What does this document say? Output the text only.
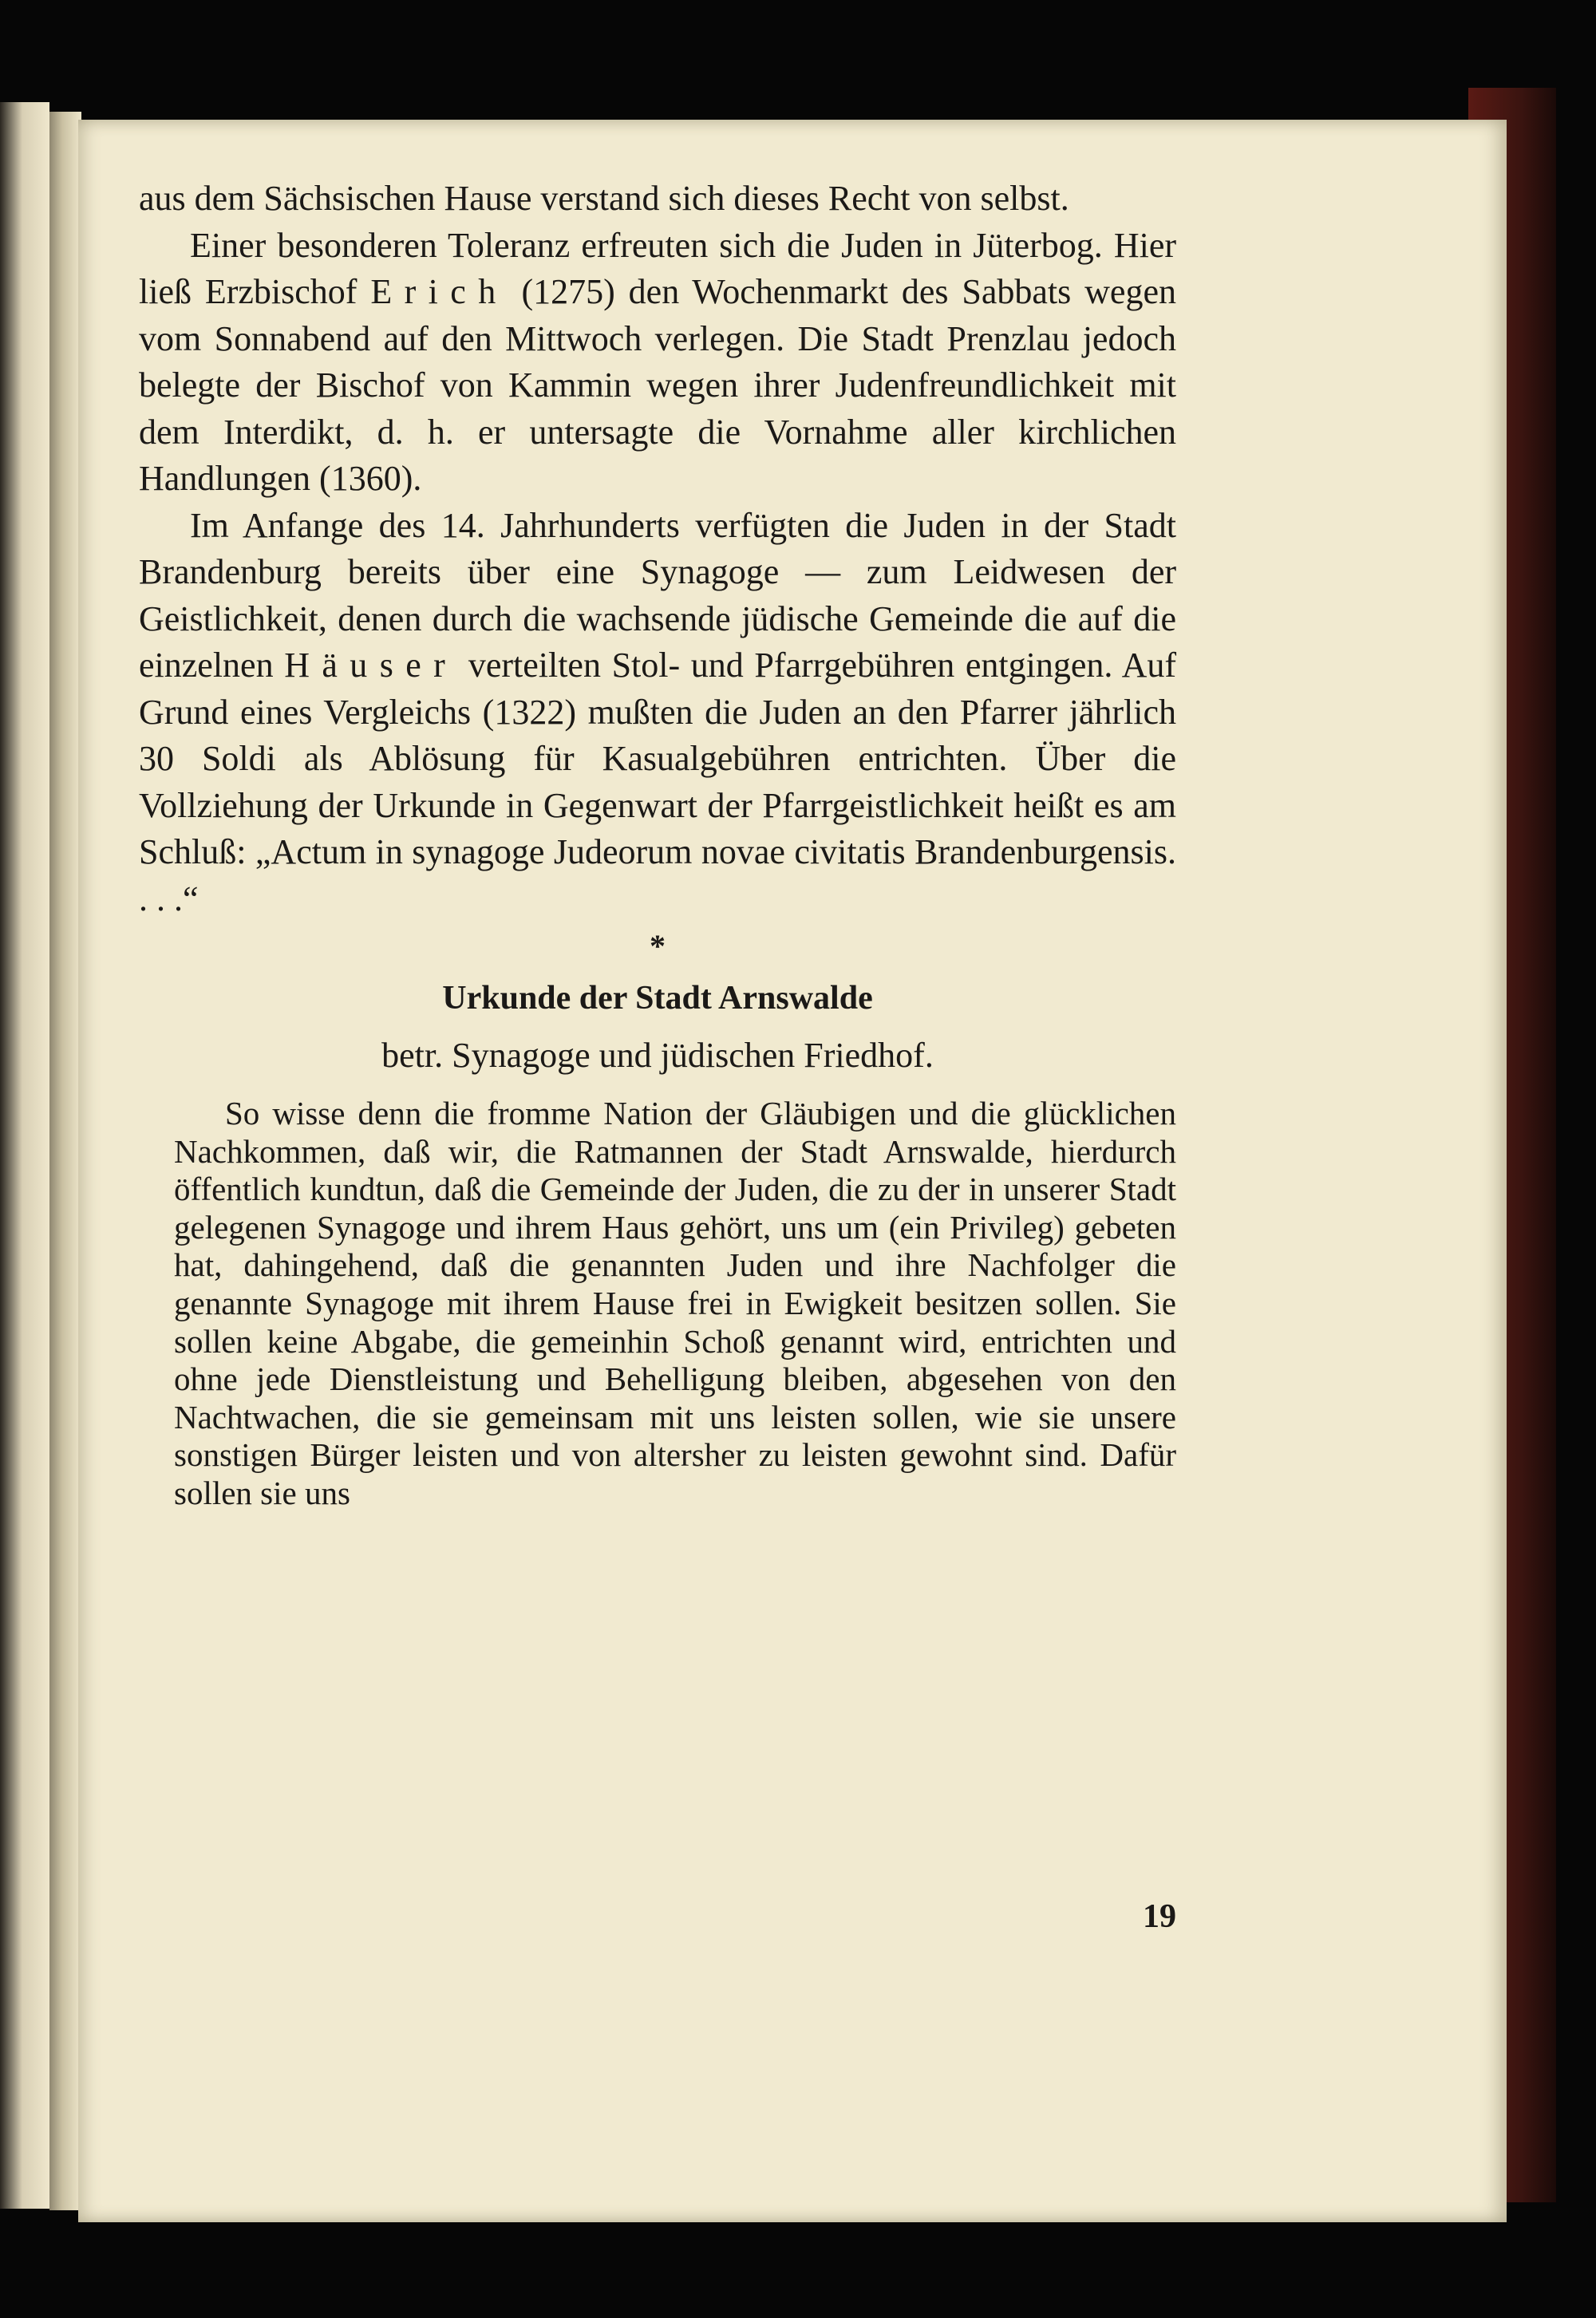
aus dem Sächsischen Hause verstand sich dieses Recht von selbst.
Einer besonderen Toleranz erfreuten sich die Juden in Jüterbog. Hier ließ Erzbischof Erich (1275) den Wochenmarkt des Sabbats wegen vom Sonnabend auf den Mittwoch verlegen. Die Stadt Prenzlau jedoch belegte der Bischof von Kammin wegen ihrer Judenfreundlichkeit mit dem Interdikt, d. h. er untersagte die Vornahme aller kirchlichen Handlungen (1360).
Im Anfange des 14. Jahrhunderts verfügten die Juden in der Stadt Brandenburg bereits über eine Synagoge — zum Leidwesen der Geistlichkeit, denen durch die wachsende jüdische Gemeinde die auf die einzelnen Häuser verteilten Stol- und Pfarrgebühren entgingen. Auf Grund eines Vergleichs (1322) mußten die Juden an den Pfarrer jährlich 30 Soldi als Ablösung für Kasualgebühren entrichten. Über die Vollziehung der Urkunde in Gegenwart der Pfarrgeistlichkeit heißt es am Schluß: „Actum in synagoge Judeorum novae civitatis Brandenburgensis. . . .“
*
Urkunde der Stadt Arnswalde
betr. Synagoge und jüdischen Friedhof.
So wisse denn die fromme Nation der Gläubigen und die glücklichen Nachkommen, daß wir, die Ratmannen der Stadt Arnswalde, hierdurch öffentlich kundtun, daß die Gemeinde der Juden, die zu der in unserer Stadt gelegenen Synagoge und ihrem Haus gehört, uns um (ein Privileg) gebeten hat, dahingehend, daß die genannten Juden und ihre Nachfolger die genannte Synagoge mit ihrem Hause frei in Ewigkeit besitzen sollen. Sie sollen keine Abgabe, die gemeinhin Schoß genannt wird, entrichten und ohne jede Dienstleistung und Behelligung bleiben, abgesehen von den Nachtwachen, die sie gemeinsam mit uns leisten sollen, wie sie unsere sonstigen Bürger leisten und von altersher zu leisten gewohnt sind. Dafür sollen sie uns
19
